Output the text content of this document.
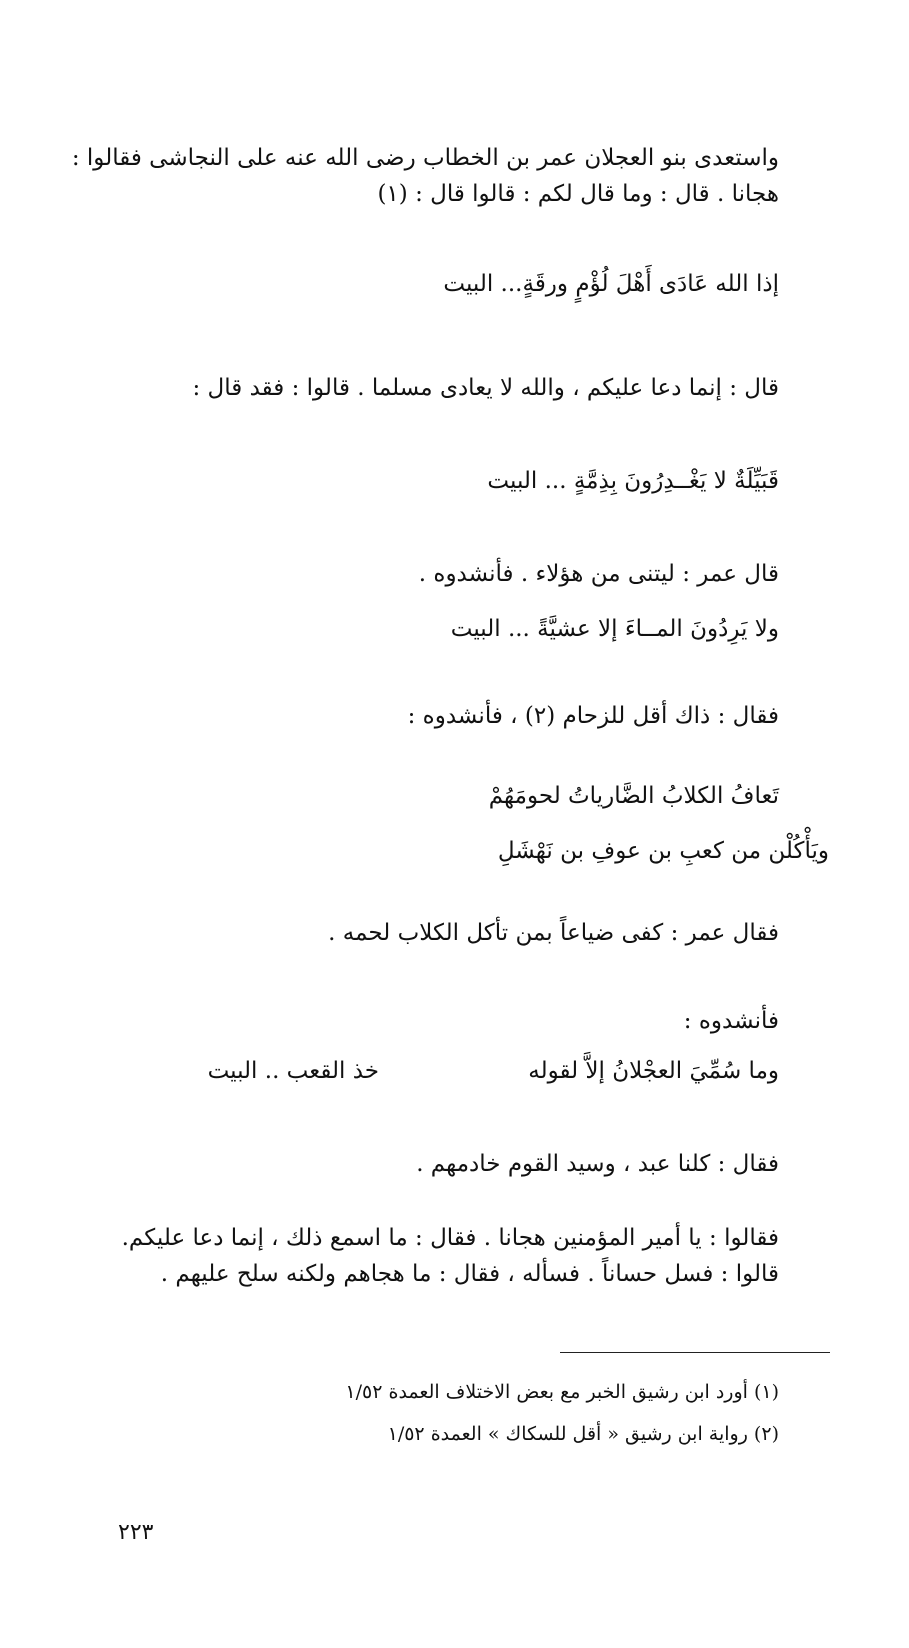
واستعدى بنو العجلان عمر بن الخطاب رضى الله عنه على النجاشى فقالوا :
هجانا . قال : وما قال لكم : قالوا قال : (١)
إذا الله عَادَى أَهْلَ لُؤْمٍ ورقَةٍ... البيت
قال : إنما دعا عليكم ، والله لا يعادى مسلما . قالوا : فقد قال :
قَبَيِّلَةٌ لا يَغْــدِرُونَ بِذِمَّةٍ ... البيت
قال عمر : ليتنى من هؤلاء . فأنشدوه .
ولا يَرِدُونَ المــاءَ إلا عشيَّةً ... البيت
فقال : ذاك أقل للزحام (٢) ، فأنشدوه :
تَعافُ الكلابُ الضَّارياتُ لحومَهُمْ
ويَأْكُلْن من كعبِ بن عوفِ بن نَهْشَلِ
فقال عمر : كفى ضياعاً بمن تأكل الكلاب لحمه .
فأنشدوه :
وما سُمِّيَ العجْلانُ إلاَّ لقوله
خذ القعب .. البيت
فقال : كلنا عبد ، وسيد القوم خادمهم .
فقالوا : يا أمير المؤمنين هجانا . فقال : ما اسمع ذلك ، إنما دعا عليكم.
قالوا : فسل حساناً . فسأله ، فقال : ما هجاهم ولكنه سلح عليهم .
(١) أورد ابن رشيق الخبر مع بعض الاختلاف العمدة ١/٥٢
(٢) رواية ابن رشيق « أقل للسكاك » العمدة ١/٥٢
٢٢٣
